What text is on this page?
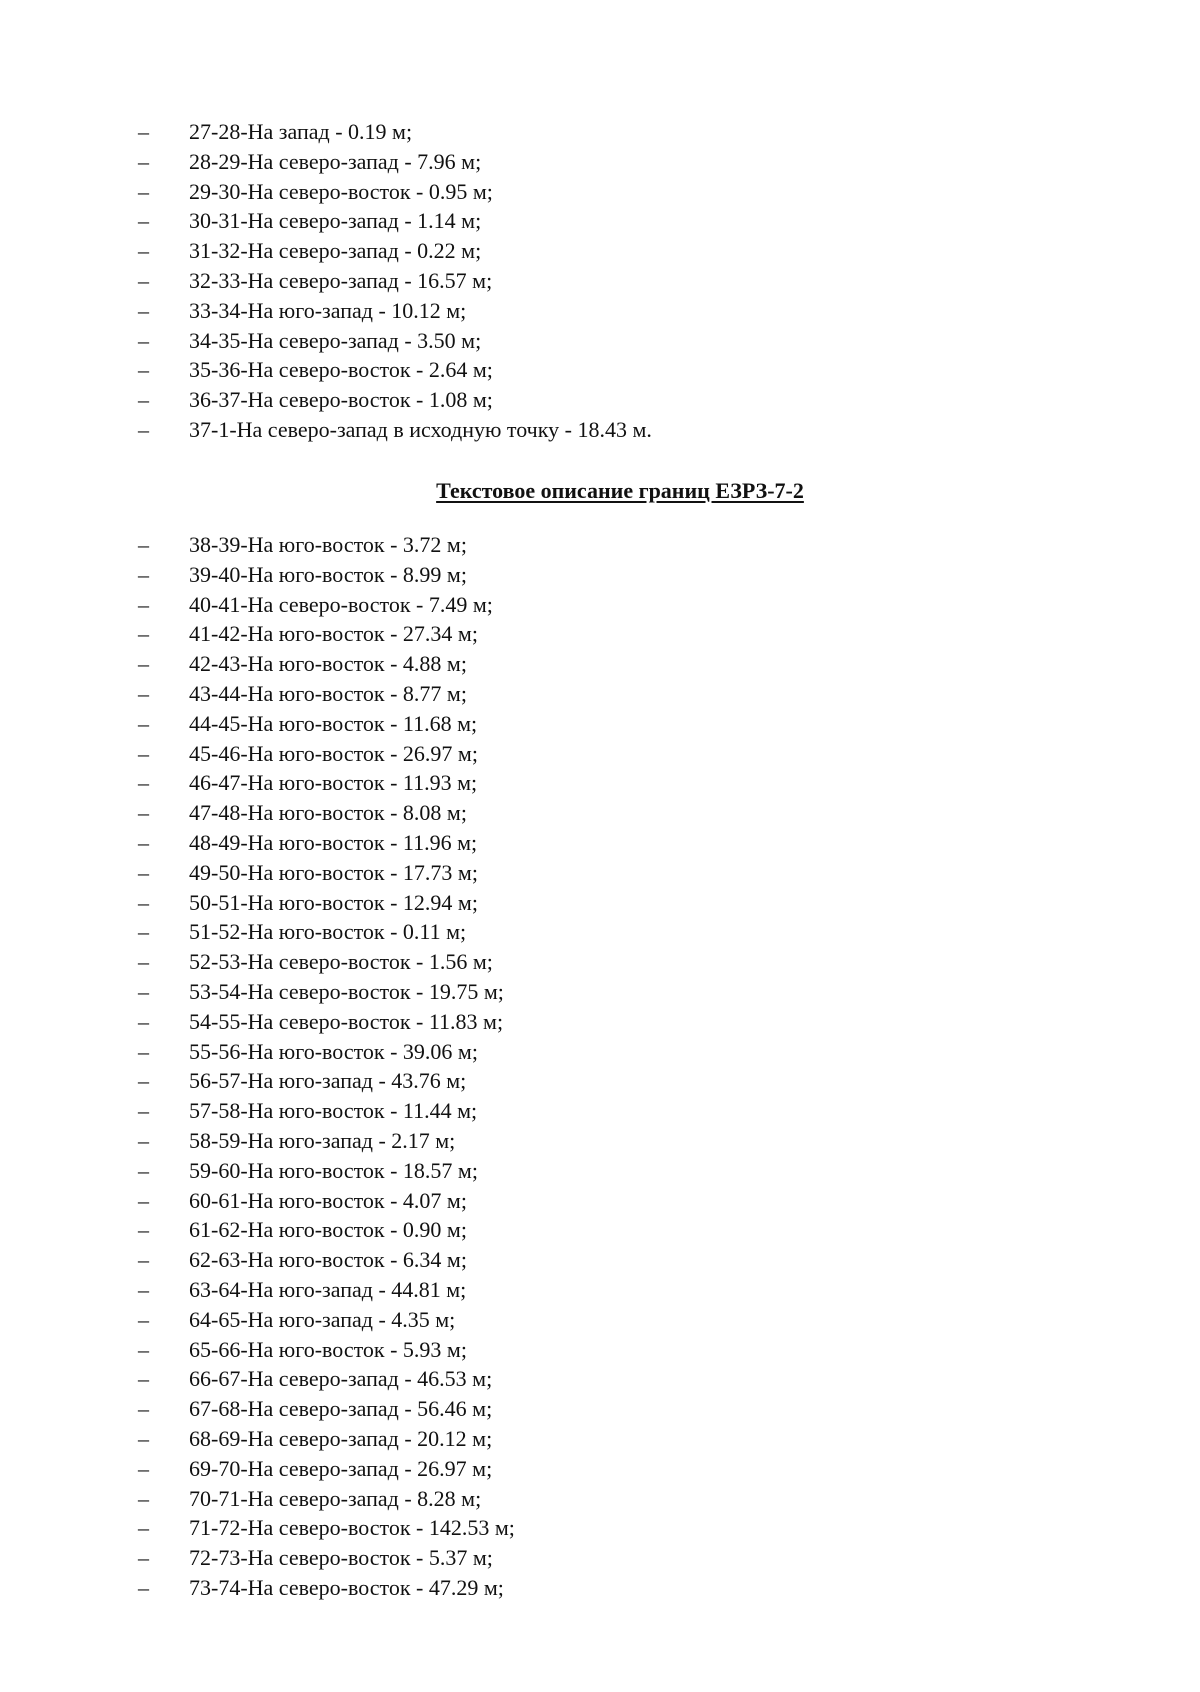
–	27-28-На запад - 0.19 м;
–	28-29-На северо-запад - 7.96 м;
–	29-30-На северо-восток - 0.95 м;
–	30-31-На северо-запад - 1.14 м;
–	31-32-На северо-запад - 0.22 м;
–	32-33-На северо-запад - 16.57 м;
–	33-34-На юго-запад - 10.12 м;
–	34-35-На северо-запад - 3.50 м;
–	35-36-На северо-восток - 2.64 м;
–	36-37-На северо-восток - 1.08 м;
–	37-1-На северо-запад в исходную точку - 18.43 м.
Текстовое описание границ ЕЗРЗ-7-2
–	38-39-На юго-восток - 3.72 м;
–	39-40-На юго-восток - 8.99 м;
–	40-41-На северо-восток - 7.49 м;
–	41-42-На юго-восток - 27.34 м;
–	42-43-На юго-восток - 4.88 м;
–	43-44-На юго-восток - 8.77 м;
–	44-45-На юго-восток - 11.68 м;
–	45-46-На юго-восток - 26.97 м;
–	46-47-На юго-восток - 11.93 м;
–	47-48-На юго-восток - 8.08 м;
–	48-49-На юго-восток - 11.96 м;
–	49-50-На юго-восток - 17.73 м;
–	50-51-На юго-восток - 12.94 м;
–	51-52-На юго-восток - 0.11 м;
–	52-53-На северо-восток - 1.56 м;
–	53-54-На северо-восток - 19.75 м;
–	54-55-На северо-восток - 11.83 м;
–	55-56-На юго-восток - 39.06 м;
–	56-57-На юго-запад - 43.76 м;
–	57-58-На юго-восток - 11.44 м;
–	58-59-На юго-запад - 2.17 м;
–	59-60-На юго-восток - 18.57 м;
–	60-61-На юго-восток - 4.07 м;
–	61-62-На юго-восток - 0.90 м;
–	62-63-На юго-восток - 6.34 м;
–	63-64-На юго-запад - 44.81 м;
–	64-65-На юго-запад - 4.35 м;
–	65-66-На юго-восток - 5.93 м;
–	66-67-На северо-запад - 46.53 м;
–	67-68-На северо-запад - 56.46 м;
–	68-69-На северо-запад - 20.12 м;
–	69-70-На северо-запад - 26.97 м;
–	70-71-На северо-запад - 8.28 м;
–	71-72-На северо-восток - 142.53 м;
–	72-73-На северо-восток - 5.37 м;
–	73-74-На северо-восток - 47.29 м;
